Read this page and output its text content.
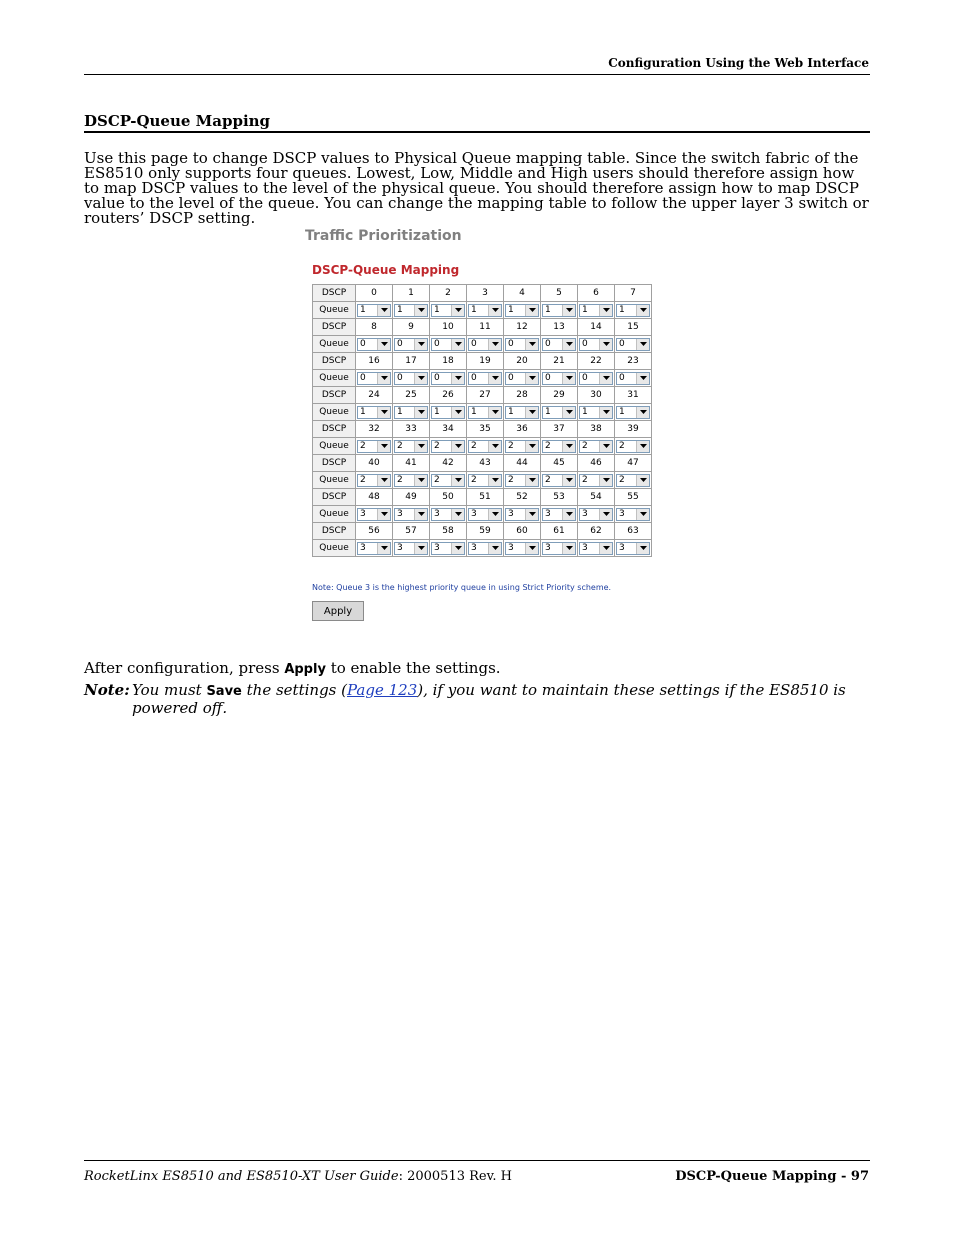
Configuration Using the Web Interface
DSCP-Queue Mapping

Use this page to change DSCP values to Physical Queue mapping table. Since the switch fabric of the ES8510 only supports four queues. Lowest, Low, Middle and High users should therefore assign how to map DSCP values to the level of the physical queue. You should therefore assign how to map DSCP value to the level of the queue. You can change the mapping table to follow the upper layer 3 switch or routers’ DSCP setting.

Traffic Prioritization
DSCP-Queue Mapping
DSCP	0	1	2	3	4	5	6	7
Queue	1	1	1	1	1	1	1	1

DSCP	8	9	10	11	12	13	14	15
Queue	0	0	0	0	0	0	0	0

DSCP	16	17	18	19	20	21	22	23
Queue	0	0	0	0	0	0	0	0

DSCP	24	25	26	27	28	29	30	31
Queue	1	1	1	1	1	1	1	1

DSCP	32	33	34	35	36	37	38	39
Queue	2	2	2	2	2	2	2	2

DSCP	40	41	42	43	44	45	46	47
Queue	2	2	2	2	2	2	2	2

DSCP	48	49	50	51	52	53	54	55
Queue	3	3	3	3	3	3	3	3

DSCP	56	57	58	59	60	61	62	63
Queue	3	3	3	3	3	3	3	3
Note: Queue 3 is the highest priority queue in using Strict Priority scheme.
Apply
After configuration, press Apply to enable the settings.
Note: You must Save the settings (Page 123), if you want to maintain these settings if the ES8510 is powered off.
RocketLinx ES8510 and ES8510-XT User Guide: 2000513 Rev. H	DSCP-Queue Mapping - 97
